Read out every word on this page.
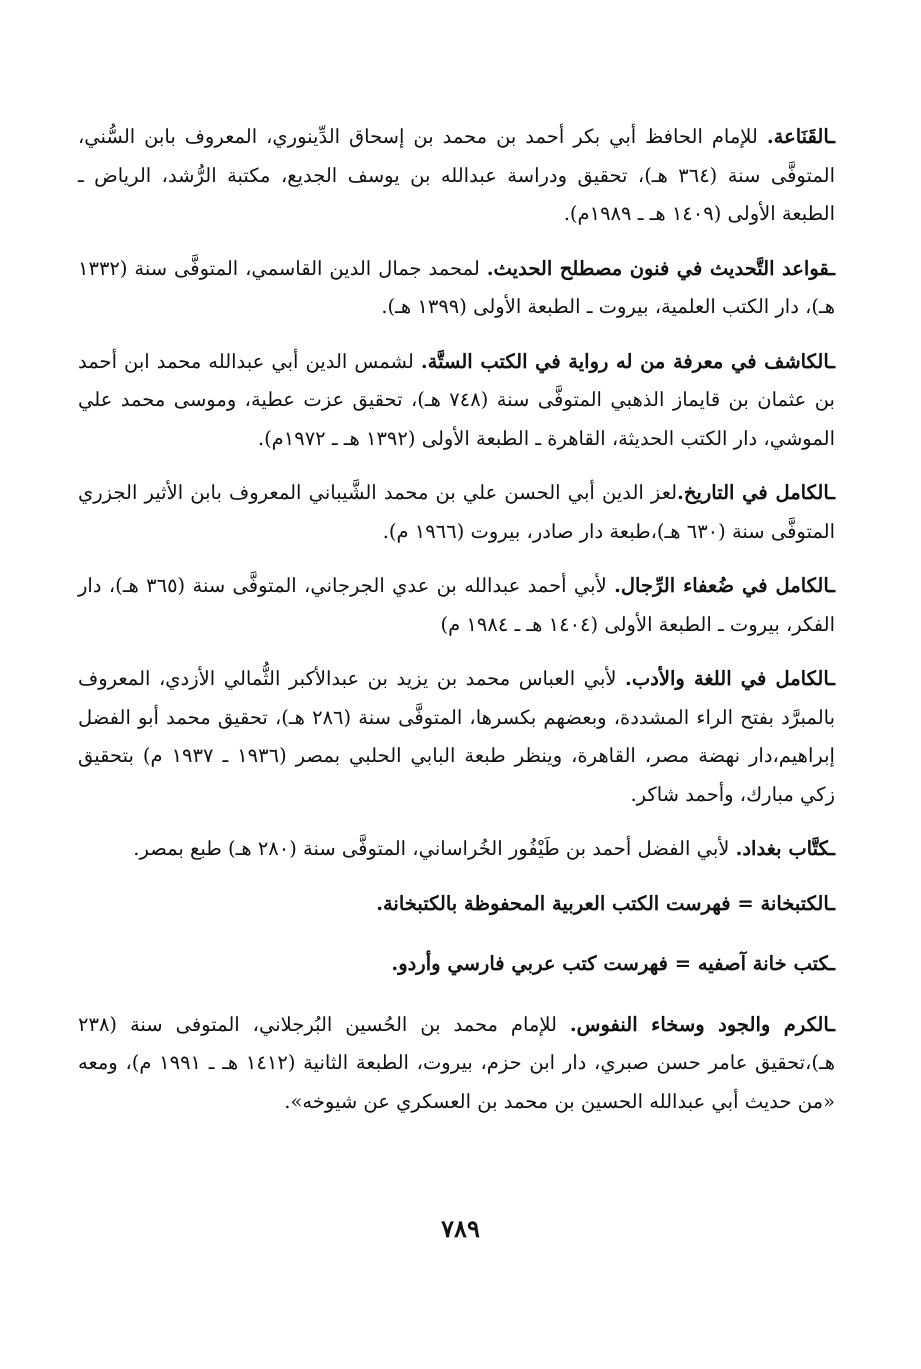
ـالقَنَاعة. للإمام الحافظ أبي بكر أحمد بن محمد بن إسحاق الدِّينوري، المعروف بابن السُّني، المتوفَّى سنة (٣٦٤ هـ)، تحقيق ودراسة عبدالله بن يوسف الجديع، مكتبة الرُّشد، الرياض ـ الطبعة الأولى (١٤٠٩ هـ ـ ١٩٨٩م).

ـقواعد التَّحديث في فنون مصطلح الحديث. لمحمد جمال الدين القاسمي، المتوفَّى سنة (١٣٣٢ هـ)، دار الكتب العلمية، بيروت ـ الطبعة الأولى (١٣٩٩ هـ).

ـالكاشف في معرفة من له رواية في الكتب الستَّة. لشمس الدين أبي عبدالله محمد ابن أحمد بن عثمان بن قايماز الذهبي المتوفَّى سنة (٧٤٨ هـ)، تحقيق عزت عطية، وموسى محمد علي الموشي، دار الكتب الحديثة، القاهرة ـ الطبعة الأولى (١٣٩٢ هـ ـ ١٩٧٢م).

ـالكامل في التاريخ.لعز الدين أبي الحسن علي بن محمد الشَّيباني المعروف بابن الأثير الجزري المتوفَّى سنة (٦٣٠ هـ)،طبعة دار صادر، بيروت (١٩٦٦ م).

ـالكامل في ضُعفاء الرِّجال. لأبي أحمد عبدالله بن عدي الجرجاني، المتوفَّى سنة (٣٦٥ هـ)، دار الفكر، بيروت ـ الطبعة الأولى (١٤٠٤ هـ ـ ١٩٨٤ م)

ـالكامل في اللغة والأدب. لأبي العباس محمد بن يزيد بن عبدالأكبر الثُّمالي الأزدي، المعروف بالمبرَّد بفتح الراء المشددة، وبعضهم بكسرها، المتوفَّى سنة (٢٨٦ هـ)، تحقيق محمد أبو الفضل إبراهيم،دار نهضة مصر، القاهرة، وينظر طبعة البابي الحلبي بمصر (١٩٣٦ ـ ١٩٣٧ م) بتحقيق زكي مبارك، وأحمد شاكر.

ـكتَّاب بغداد. لأبي الفضل أحمد بن طَيْفُور الخُراساني، المتوفَّى سنة (٢٨٠ هـ) طبع بمصر.

ـالكتبخانة = فهرست الكتب العربية المحفوظة بالكتبخانة.

ـكتب خانة آصفيه = فهرست كتب عربي فارسي وأردو.

ـالكرم والجود وسخاء النفوس. للإمام محمد بن الحُسين البُرجلاني، المتوفى سنة (٢٣٨ هـ)،تحقيق عامر حسن صبري، دار ابن حزم، بيروت، الطبعة الثانية (١٤١٢ هـ ـ ١٩٩١ م)، ومعه «من حديث أبي عبدالله الحسين بن محمد بن العسكري عن شيوخه».

٧٨٩
